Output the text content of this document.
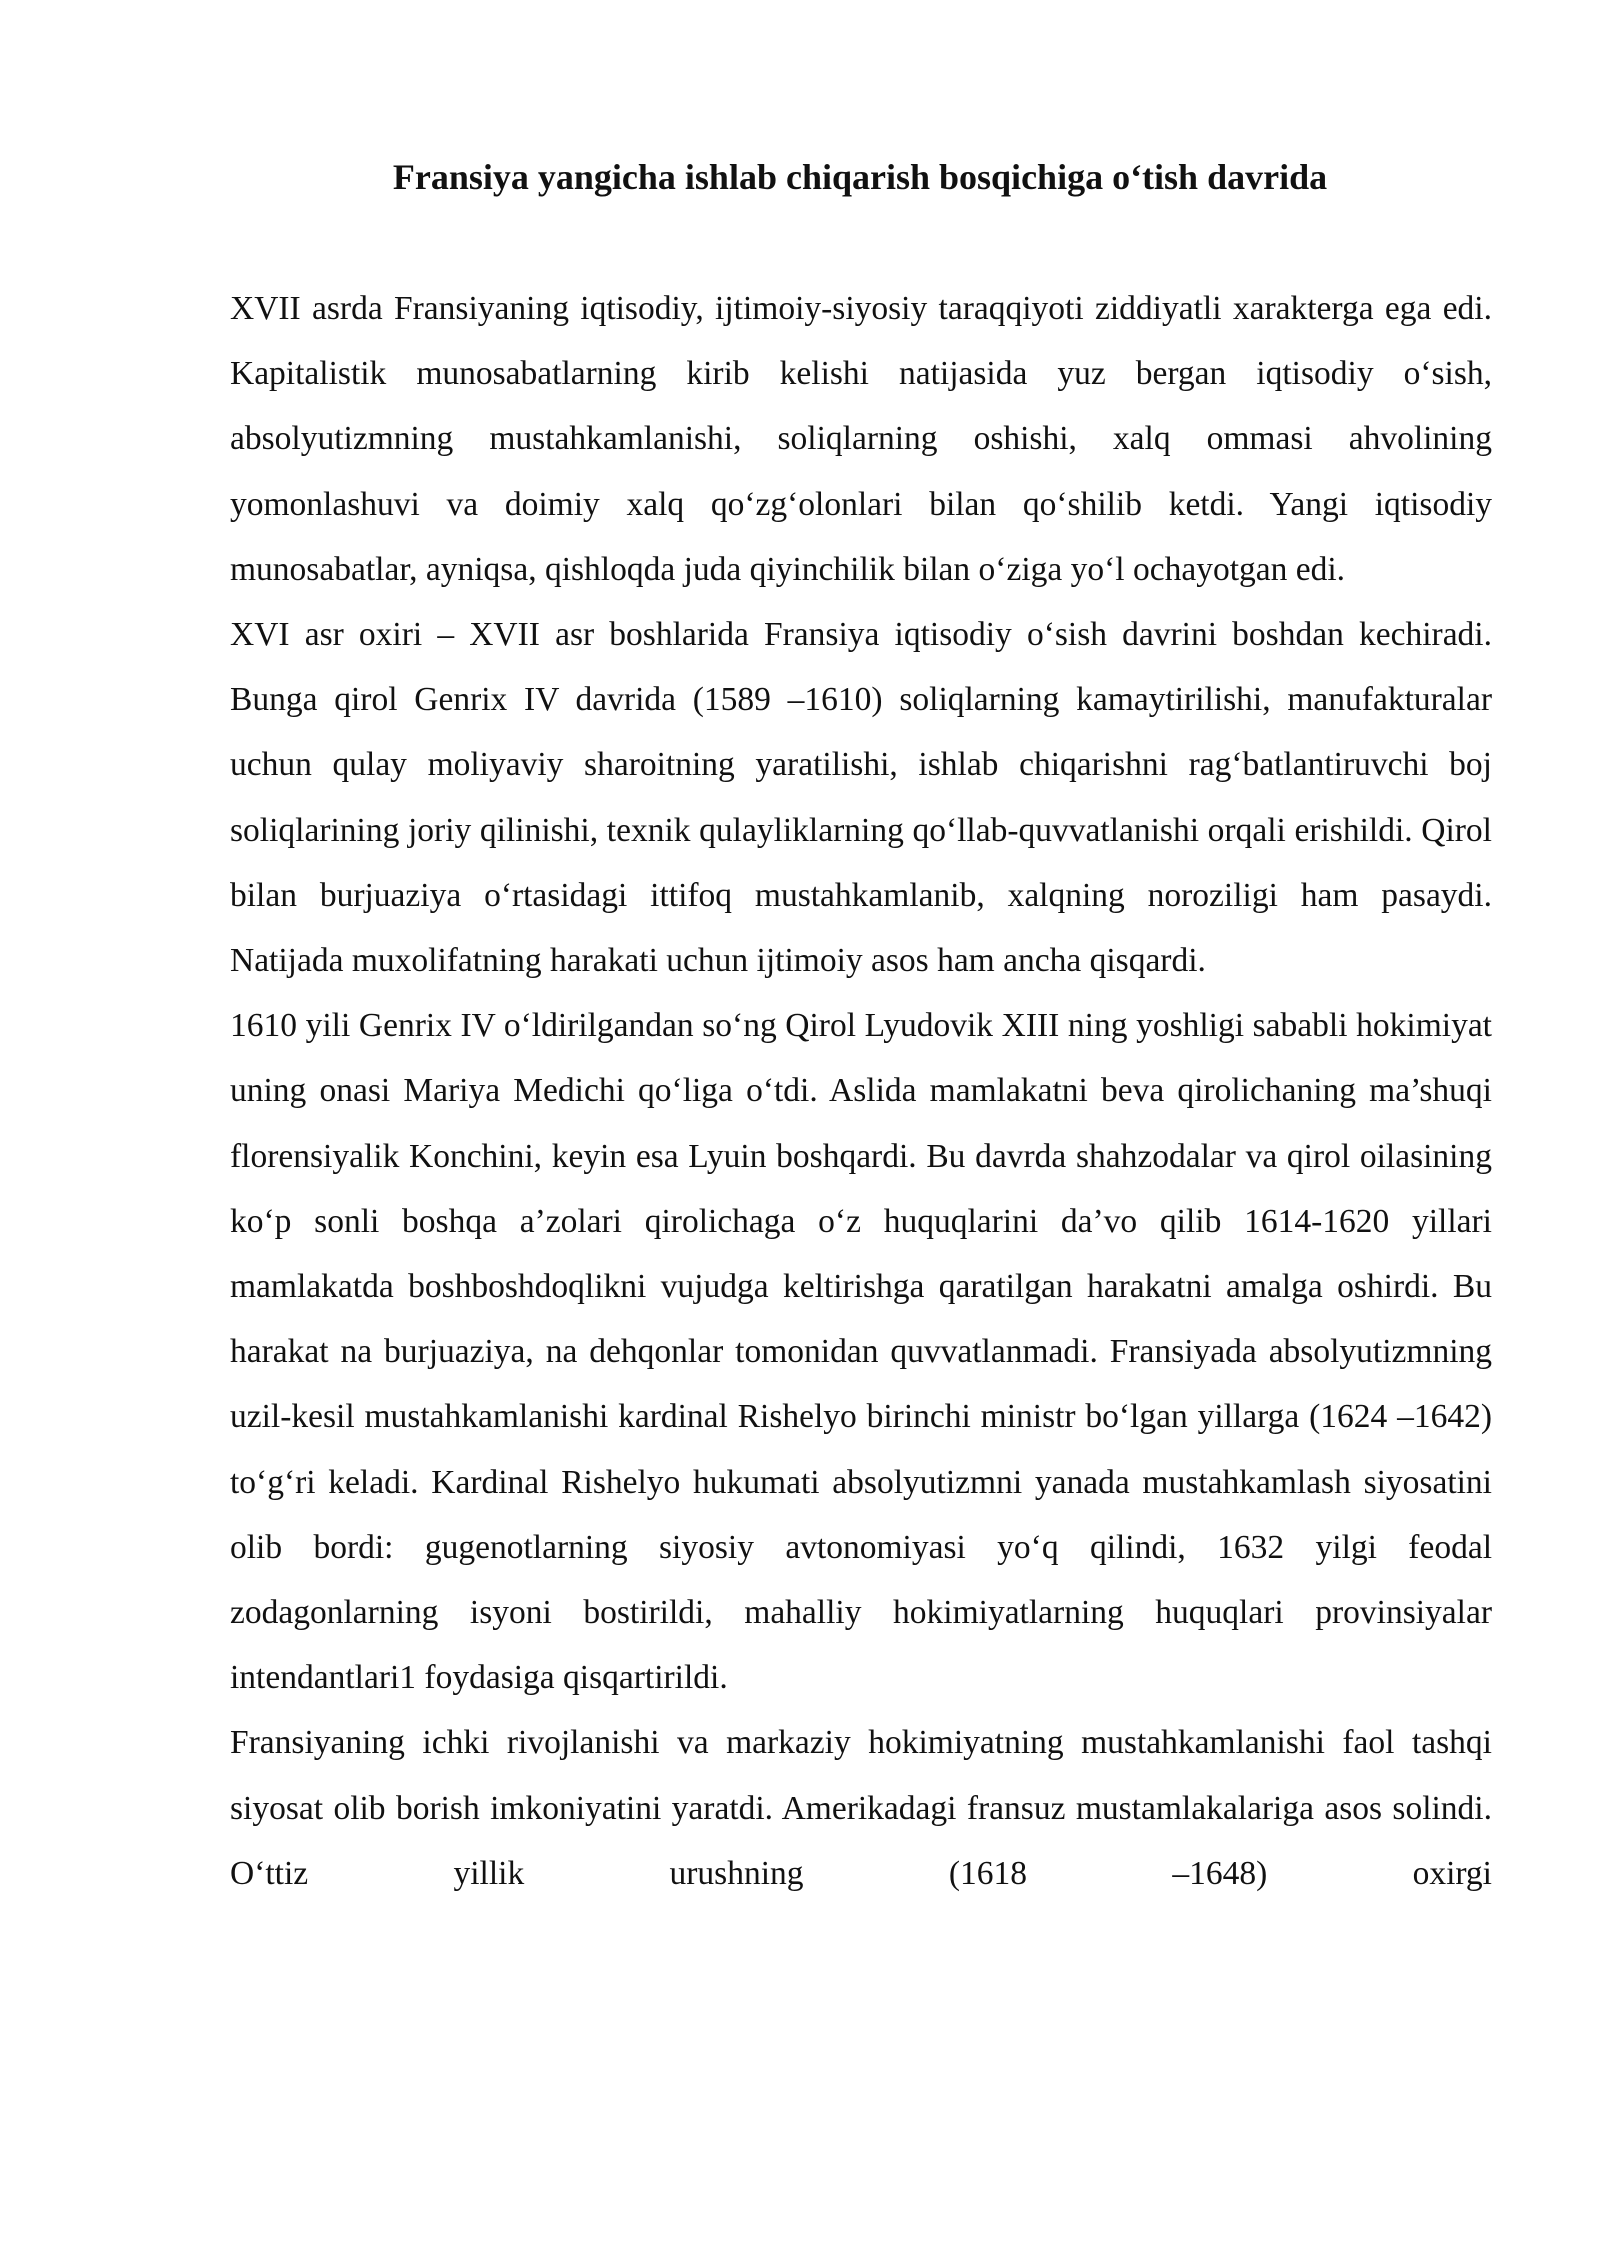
Fransiya yangicha ishlab chiqarish bosqichiga o‘tish davrida

XVII asrda Fransiyaning iqtisodiy, ijtimoiy-siyosiy taraqqiyoti ziddiyatli xarakterga ega edi. Kapitalistik munosabatlarning kirib kelishi natijasida yuz bergan iqtisodiy o‘sish, absolyutizmning mustahkamlanishi, soliqlarning oshishi, xalq ommasi ahvolining yomonlashuvi va doimiy xalq qo‘zg‘olonlari bilan qo‘shilib ketdi. Yangi iqtisodiy munosabatlar, ayniqsa, qishloqda juda qiyinchilik bilan o‘ziga yo‘l ochayotgan edi.

XVI asr oxiri – XVII asr boshlarida Fransiya iqtisodiy o‘sish davrini boshdan kechiradi. Bunga qirol Genrix IV davrida (1589 –1610) soliqlarning kamaytirilishi, manufakturalar uchun qulay moliyaviy sharoitning yaratilishi, ishlab chiqarishni rag‘batlantiruvchi boj soliqlarining joriy qilinishi, texnik qulayliklarning qo‘llab-quvvatlanishi orqali erishildi. Qirol bilan burjuaziya o‘rtasidagi ittifoq mustahkamlanib, xalqning noroziligi ham pasaydi. Natijada muxolifatning harakati uchun ijtimoiy asos ham ancha qisqardi.

1610 yili Genrix IV o‘ldirilgandan so‘ng Qirol Lyudovik XIII ning yoshligi sababli hokimiyat uning onasi Mariya Medichi qo‘liga o‘tdi. Aslida mamlakatni beva qirolichaning ma’shuqi florensiyalik Konchini, keyin esa Lyuin boshqardi. Bu davrda shahzodalar va qirol oilasining ko‘p sonli boshqa a’zolari qirolichaga o‘z huquqlarini da’vo qilib 1614-1620 yillari mamlakatda boshboshdoqlikni vujudga keltirishga qaratilgan harakatni amalga oshirdi. Bu harakat na burjuaziya, na dehqonlar tomonidan quvvatlanmadi. Fransiyada absolyutizmning uzil-kesil mustahkamlanishi kardinal Rishelyo birinchi ministr bo‘lgan yillarga (1624 –1642) to‘g‘ri keladi. Kardinal Rishelyo hukumati absolyutizmni yanada mustahkamlash siyosatini olib bordi: gugenotlarning siyosiy avtonomiyasi yo‘q qilindi, 1632 yilgi feodal zodagonlarning isyoni bostirildi, mahalliy hokimiyatlarning huquqlari provinsiyalar intendantlari1 foydasiga qisqartirildi.

Fransiyaning ichki rivojlanishi va markaziy hokimiyatning mustahkamlanishi faol tashqi siyosat olib borish imkoniyatini yaratdi. Amerikadagi fransuz mustamlakalariga asos solindi. O‘ttiz yillik urushning (1618 –1648) oxirgi
